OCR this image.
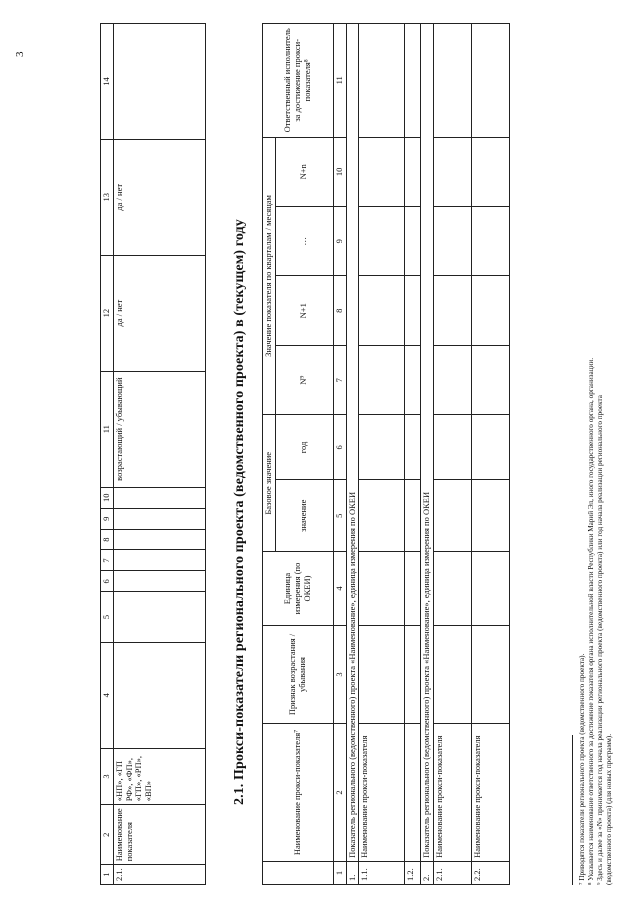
3
1	2	3	4	5	6	7	8	9	10	11	12	13	14
2.1.	Наименование показателя	«НП», «ГП РФ», «ФП», «ГП», «РП», «ВП»								возрастающий / убывающий	да / нет	да / нет	
2.1. Прокси-показатели регионального проекта (ведомственного проекта) в (текущем) году
		Наименование прокси-показателя⁷	Признак возрастания / убывания	Единица измерения (по ОКЕИ)	Базовое значение		Значение показателя по кварталам / месяцам				Ответственный исполнитель за достижение прокси-показателя⁸
				значение	год	N⁹	N+1	…	N+n	
1	2	3	4	5	6	7	8	9	10	11
1.	Показатель регионального (ведомственного) проекта «Наименование», единица измерения по ОКЕИ									
1.1.	Наименование прокси-показателя									
1.2.										
2.	Показатель регионального (ведомственного) проекта «Наименование», единица измерения по ОКЕИ									
2.1.	Наименование прокси-показателя									
2.2.	Наименование прокси-показателя										⁷ Приводятся показатели регионального проекта (ведомственного проекта). ⁸ Указывается наименование ответственного за достижение показателя органа исполнительной власти Республики Марий Эл, иного государственного органа, организации. ⁹ Здесь и далее за «N» принимается год начала реализации регионального проекта (ведомственного проекта) или год начала реализации регионального проекта (ведомственного проекта) (для новых программ).
